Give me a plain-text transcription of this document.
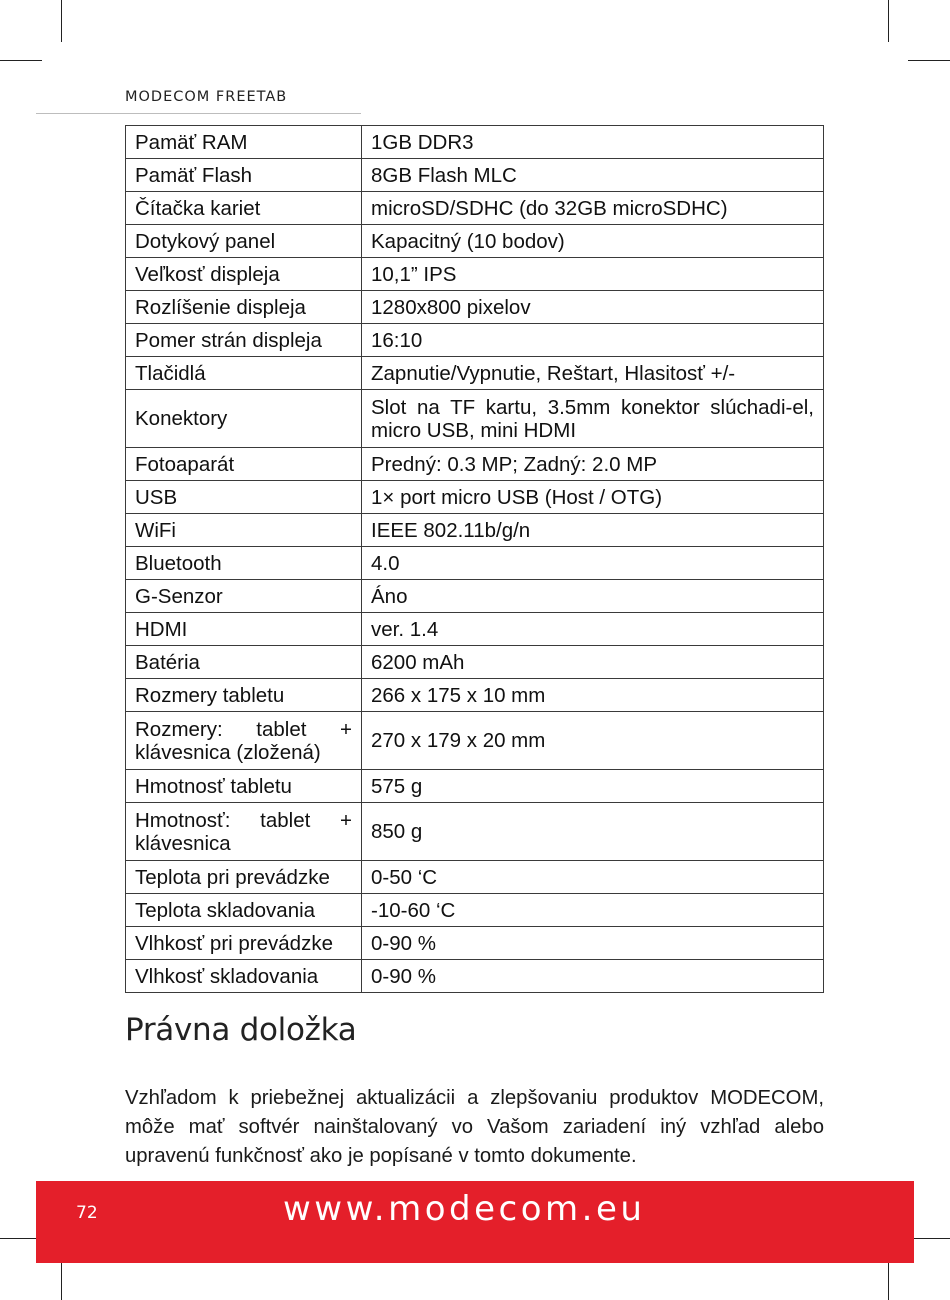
MODECOM FREETAB
Pamäť RAM	1GB DDR3
Pamäť Flash	8GB Flash MLC
Čítačka kariet	microSD/SDHC (do 32GB microSDHC)
Dotykový panel	Kapacitný (10 bodov)
Veľkosť displeja	10,1” IPS
Rozlíšenie displeja	1280x800 pixelov
Pomer strán displeja	16:10
Tlačidlá	Zapnutie/Vypnutie, Reštart, Hlasitosť +/-
Konektory	Slot na TF kartu, 3.5mm konektor slúchadi-el, micro USB, mini HDMI

Fotoaparát	Predný: 0.3 MP; Zadný: 2.0 MP
USB	1× port micro USB (Host / OTG)
WiFi	IEEE 802.11b/g/n
Bluetooth	4.0
G-Senzor	Áno
HDMI	ver. 1.4
Batéria	6200 mAh
Rozmery tabletu	266 x 175 x 10 mm

Rozmery: tablet + klávesnica (zložená)	270 x 179 x 20 mm
Hmotnosť tabletu	575 g

Hmotnosť: tablet + klávesnica	850 g
Teplota pri prevádzke	0-50 ‘C
Teplota skladovania	-10-60 ‘C
Vlhkosť pri prevádzke	0-90 %
Vlhkosť skladovania	0-90 %
Právna doložka

Vzhľadom k priebežnej aktualizácii a zlepšovaniu produktov MODECOM, môže mať softvér nainštalovaný vo Vašom zariadení iný vzhľad alebo upravenú funkčnosť ako je popísané v tomto dokumente.

72	www.modecom.eu
